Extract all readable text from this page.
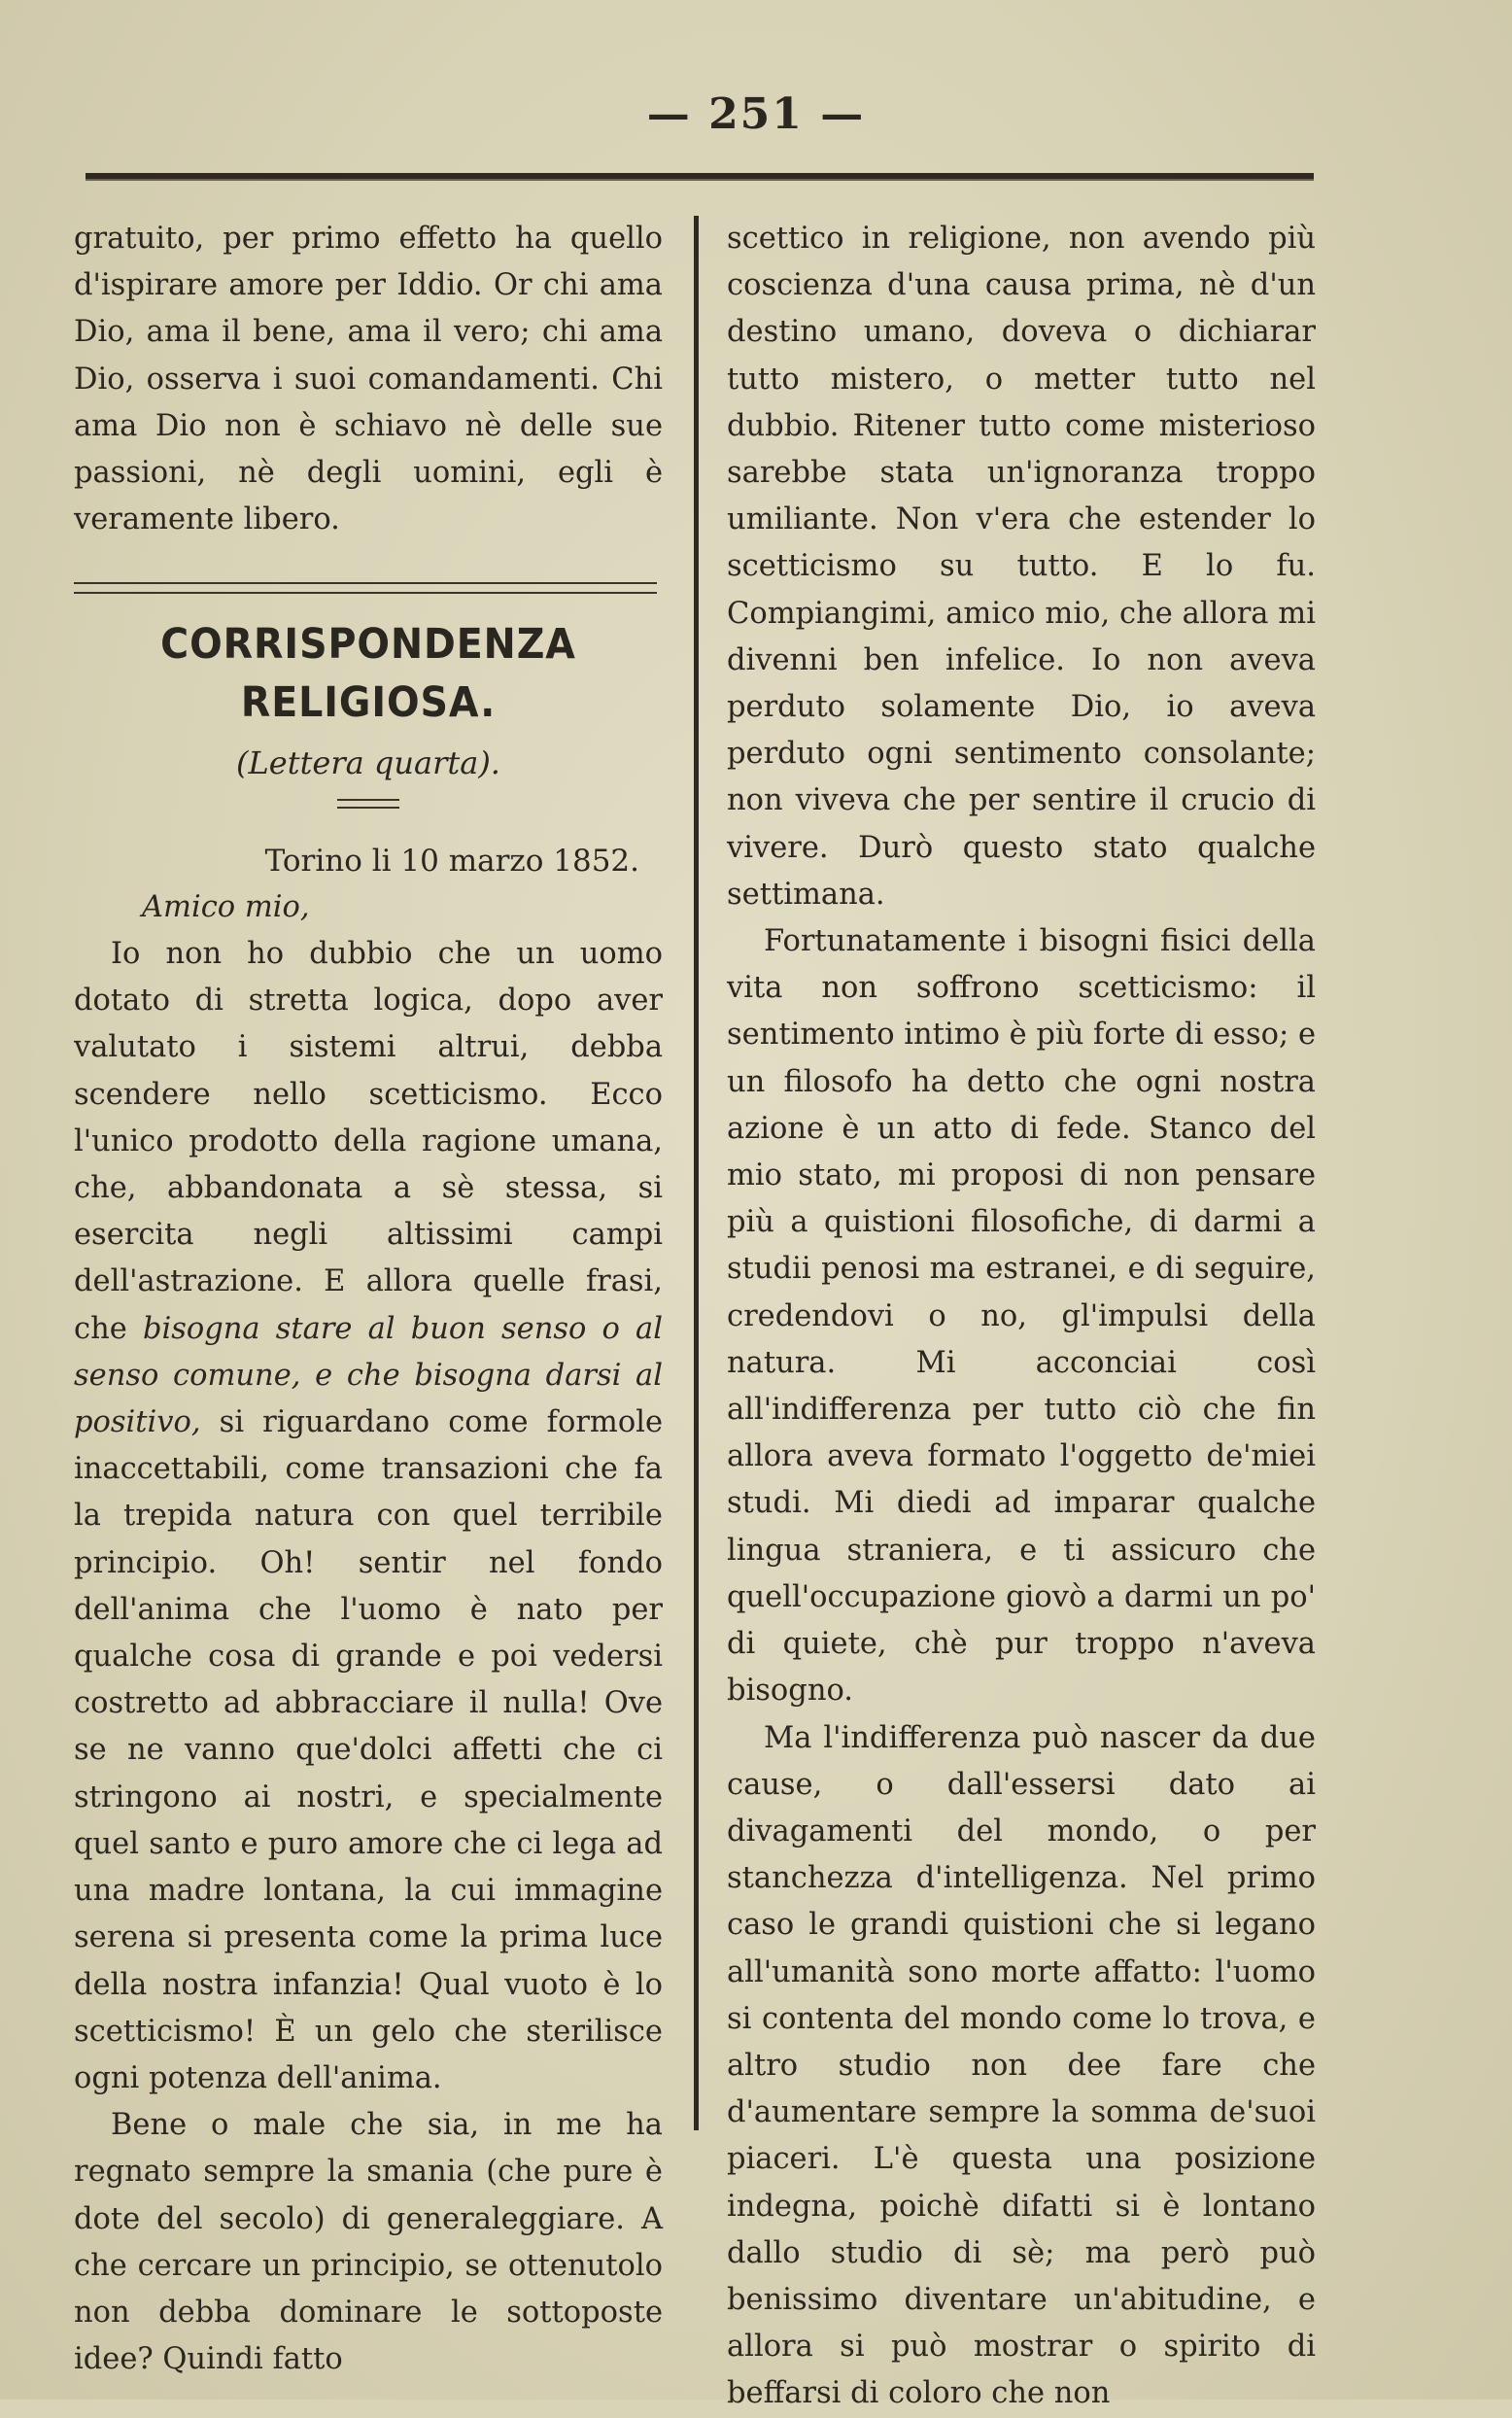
— 251 —

gratuito, per primo effetto ha quello d'ispirare amore per Iddio. Or chi ama Dio, ama il bene, ama il vero; chi ama Dio, osserva i suoi comandamenti. Chi ama Dio non è schiavo nè delle sue passioni, nè degli uomini, egli è veramente libero.

CORRISPONDENZA RELIGIOSA.

(Lettera quarta).

Torino li 10 marzo 1852.

Amico mio,

Io non ho dubbio che un uomo dotato di stretta logica, dopo aver valutato i sistemi altrui, debba scendere nello scetticismo. Ecco l'unico prodotto della ragione umana, che, abbandonata a sè stessa, si esercita negli altissimi campi dell'astrazione. E allora quelle frasi, che bisogna stare al buon senso o al senso comune, e che bisogna darsi al positivo, si riguardano come formole inaccettabili, come transazioni che fa la trepida natura con quel terribile principio. Oh! sentir nel fondo dell'anima che l'uomo è nato per qualche cosa di grande e poi vedersi costretto ad abbracciare il nulla! Ove se ne vanno que'dolci affetti che ci stringono ai nostri, e specialmente quel santo e puro amore che ci lega ad una madre lontana, la cui immagine serena si presenta come la prima luce della nostra infanzia! Qual vuoto è lo scetticismo! È un gelo che sterilisce ogni potenza dell'anima.

Bene o male che sia, in me ha regnato sempre la smania (che pure è dote del secolo) di generaleggiare. A che cercare un principio, se ottenutolo non debba dominare le sottoposte idee? Quindi fatto

scettico in religione, non avendo più coscienza d'una causa prima, nè d'un destino umano, doveva o dichiarar tutto mistero, o metter tutto nel dubbio. Ritener tutto come misterioso sarebbe stata un'ignoranza troppo umiliante. Non v'era che estender lo scetticismo su tutto. E lo fu. Compiangimi, amico mio, che allora mi divenni ben infelice. Io non aveva perduto solamente Dio, io aveva perduto ogni sentimento consolante; non viveva che per sentire il crucio di vivere. Durò questo stato qualche settimana.

Fortunatamente i bisogni fisici della vita non soffrono scetticismo: il sentimento intimo è più forte di esso; e un filosofo ha detto che ogni nostra azione è un atto di fede. Stanco del mio stato, mi proposi di non pensare più a quistioni filosofiche, di darmi a studii penosi ma estranei, e di seguire, credendovi o no, gl'impulsi della natura. Mi acconciai così all'indifferenza per tutto ciò che fin allora aveva formato l'oggetto de'miei studi. Mi diedi ad imparar qualche lingua straniera, e ti assicuro che quell'occupazione giovò a darmi un po' di quiete, chè pur troppo n'aveva bisogno.

Ma l'indifferenza può nascer da due cause, o dall'essersi dato ai divagamenti del mondo, o per stanchezza d'intelligenza. Nel primo caso le grandi quistioni che si legano all'umanità sono morte affatto: l'uomo si contenta del mondo come lo trova, e altro studio non dee fare che d'aumentare sempre la somma de'suoi piaceri. L'è questa una posizione indegna, poichè difatti si è lontano dallo studio di sè; ma però può benissimo diventare un'abitudine, e allora si può mostrar o spirito di beffarsi di coloro che non
